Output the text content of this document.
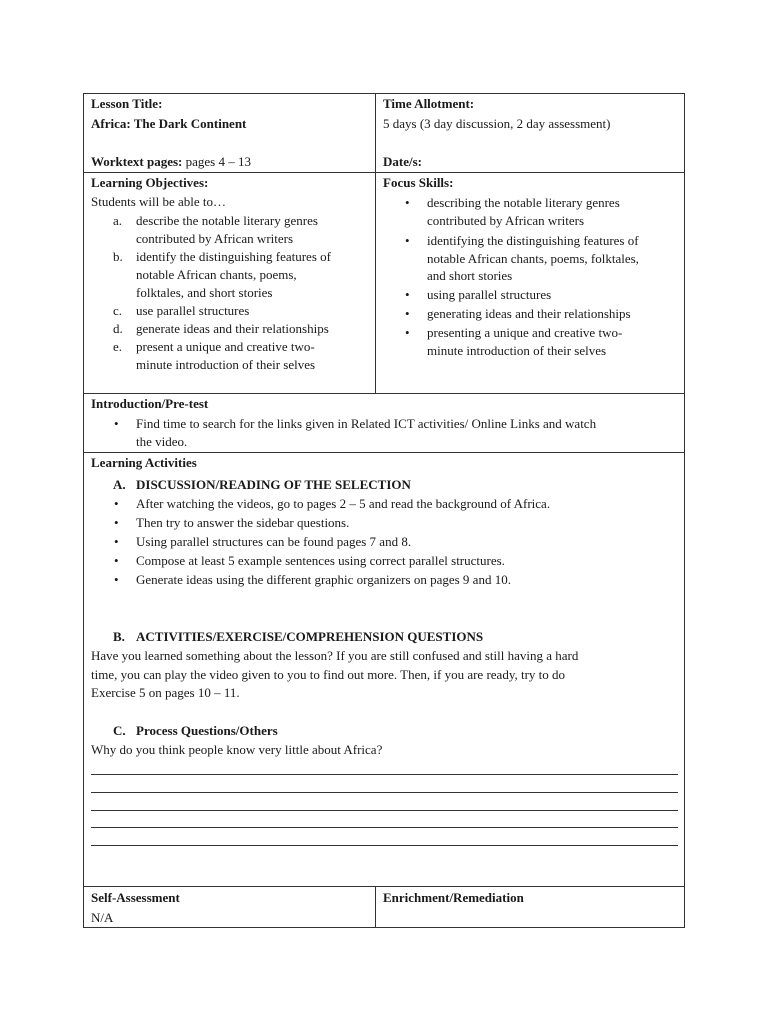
Lesson Title:
Africa: The Dark Continent
Worktext pages: pages 4 – 13
Time Allotment:
5 days (3 day discussion, 2 day assessment)
Date/s:
Learning Objectives:
Students will be able to…
a. describe the notable literary genres
contributed by African writers
b. identify the distinguishing features of
notable African chants, poems,
folktales, and short stories
c. use parallel structures
d. generate ideas and their relationships
e. present a unique and creative two-
minute introduction of their selves
Focus Skills:
• describing the notable literary genres
contributed by African writers
• identifying the distinguishing features of
notable African chants, poems, folktales,
and short stories
• using parallel structures
• generating ideas and their relationships
• presenting a unique and creative two-
minute introduction of their selves
Introduction/Pre-test
• Find time to search for the links given in Related ICT activities/ Online Links and watch
the video.
Learning Activities
A. DISCUSSION/READING OF THE SELECTION
• After watching the videos, go to pages 2 – 5 and read the background of Africa.
• Then try to answer the sidebar questions.
• Using parallel structures can be found pages 7 and 8.
• Compose at least 5 example sentences using correct parallel structures.
• Generate ideas using the different graphic organizers on pages 9 and 10.
B. ACTIVITIES/EXERCISE/COMPREHENSION QUESTIONS
Have you learned something about the lesson? If you are still confused and still having a hard
time, you can play the video given to you to find out more. Then, if you are ready, try to do
Exercise 5 on pages 10 – 11.
C. Process Questions/Others
Why do you think people know very little about Africa?
Self-Assessment
N/A
Enrichment/Remediation
